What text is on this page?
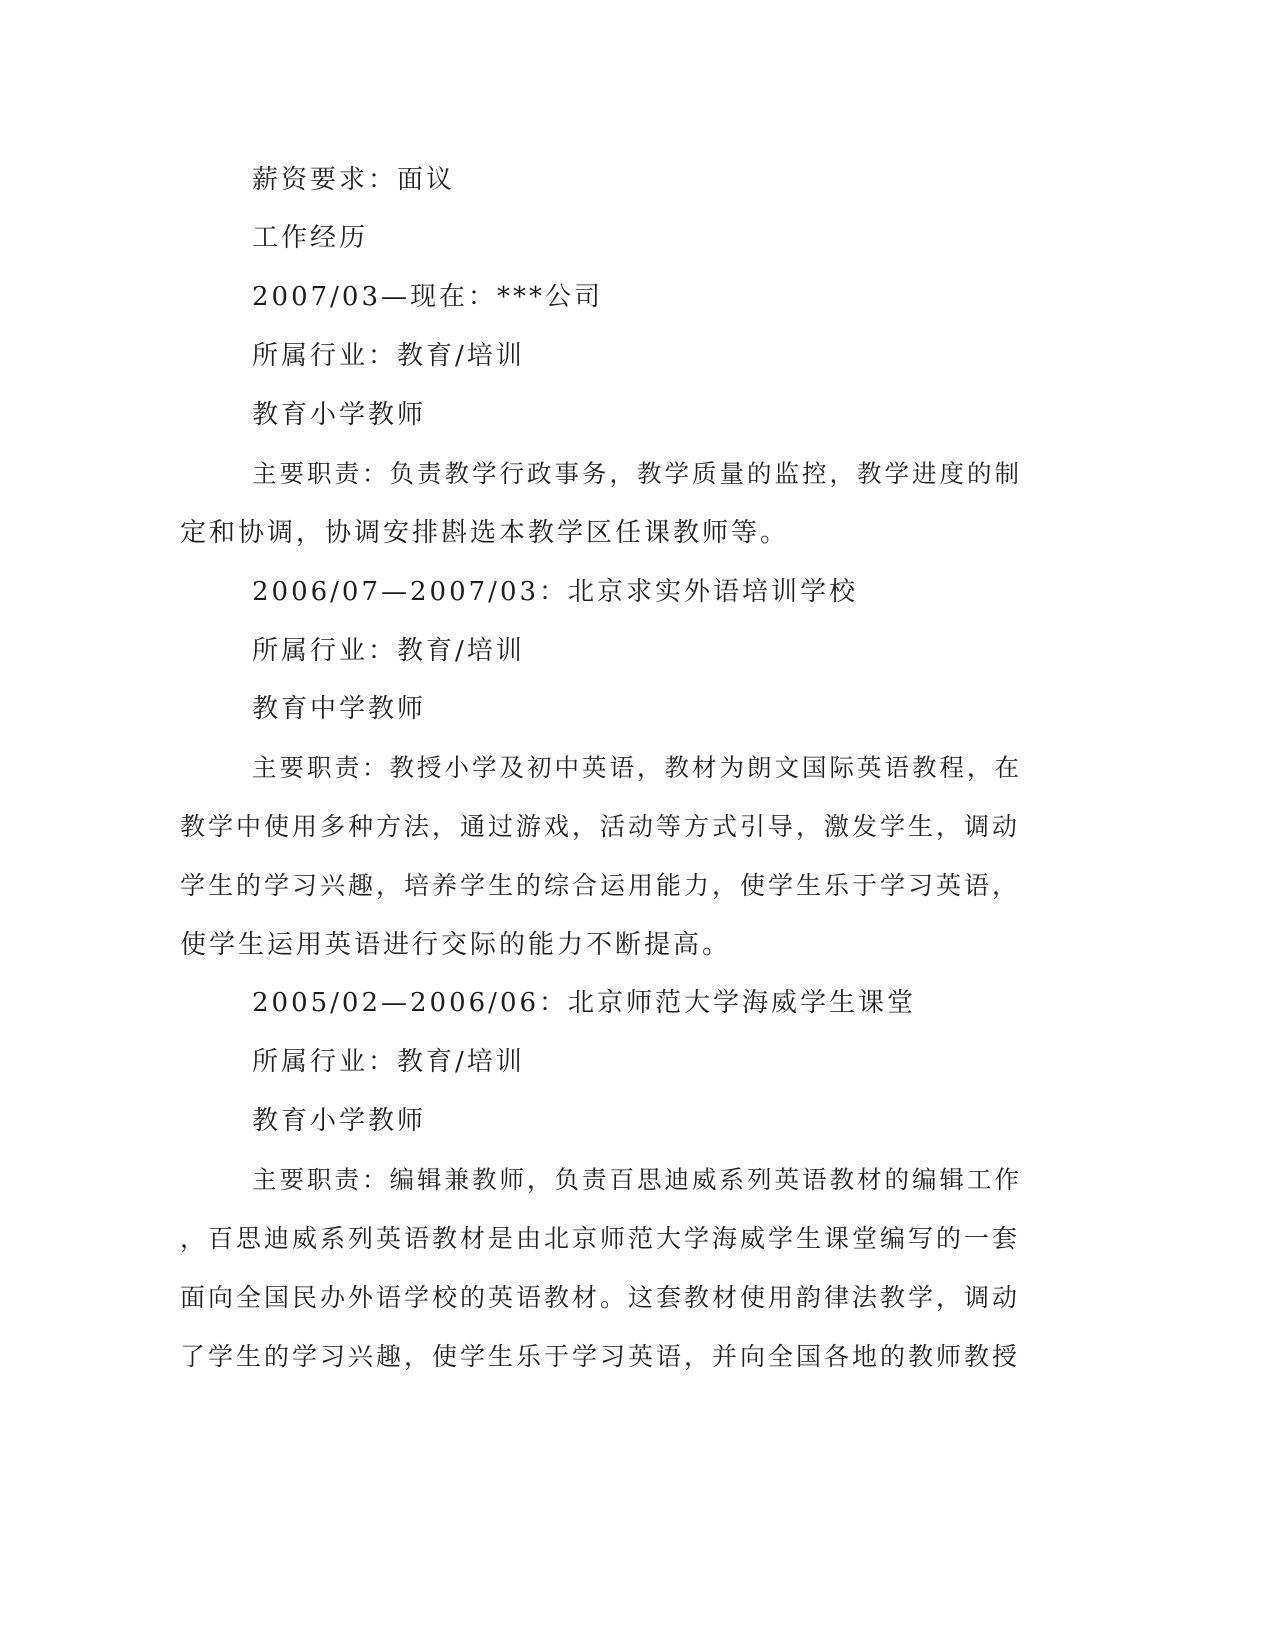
薪资要求：面议
工作经历
2007/03—现在：***公司
所属行业：教育/培训
教育小学教师
主要职责：负责教学行政事务，教学质量的监控，教学进度的制
定和协调，协调安排斟选本教学区任课教师等。
2006/07—2007/03：北京求实外语培训学校
所属行业：教育/培训
教育中学教师
主要职责：教授小学及初中英语，教材为朗文国际英语教程，在
教学中使用多种方法，通过游戏，活动等方式引导，激发学生，调动
学生的学习兴趣，培养学生的综合运用能力，使学生乐于学习英语，
使学生运用英语进行交际的能力不断提高。
2005/02—2006/06：北京师范大学海威学生课堂
所属行业：教育/培训
教育小学教师
主要职责：编辑兼教师，负责百思迪威系列英语教材的编辑工作
，百思迪威系列英语教材是由北京师范大学海威学生课堂编写的一套
面向全国民办外语学校的英语教材。这套教材使用韵律法教学，调动
了学生的学习兴趣，使学生乐于学习英语，并向全国各地的教师教授
